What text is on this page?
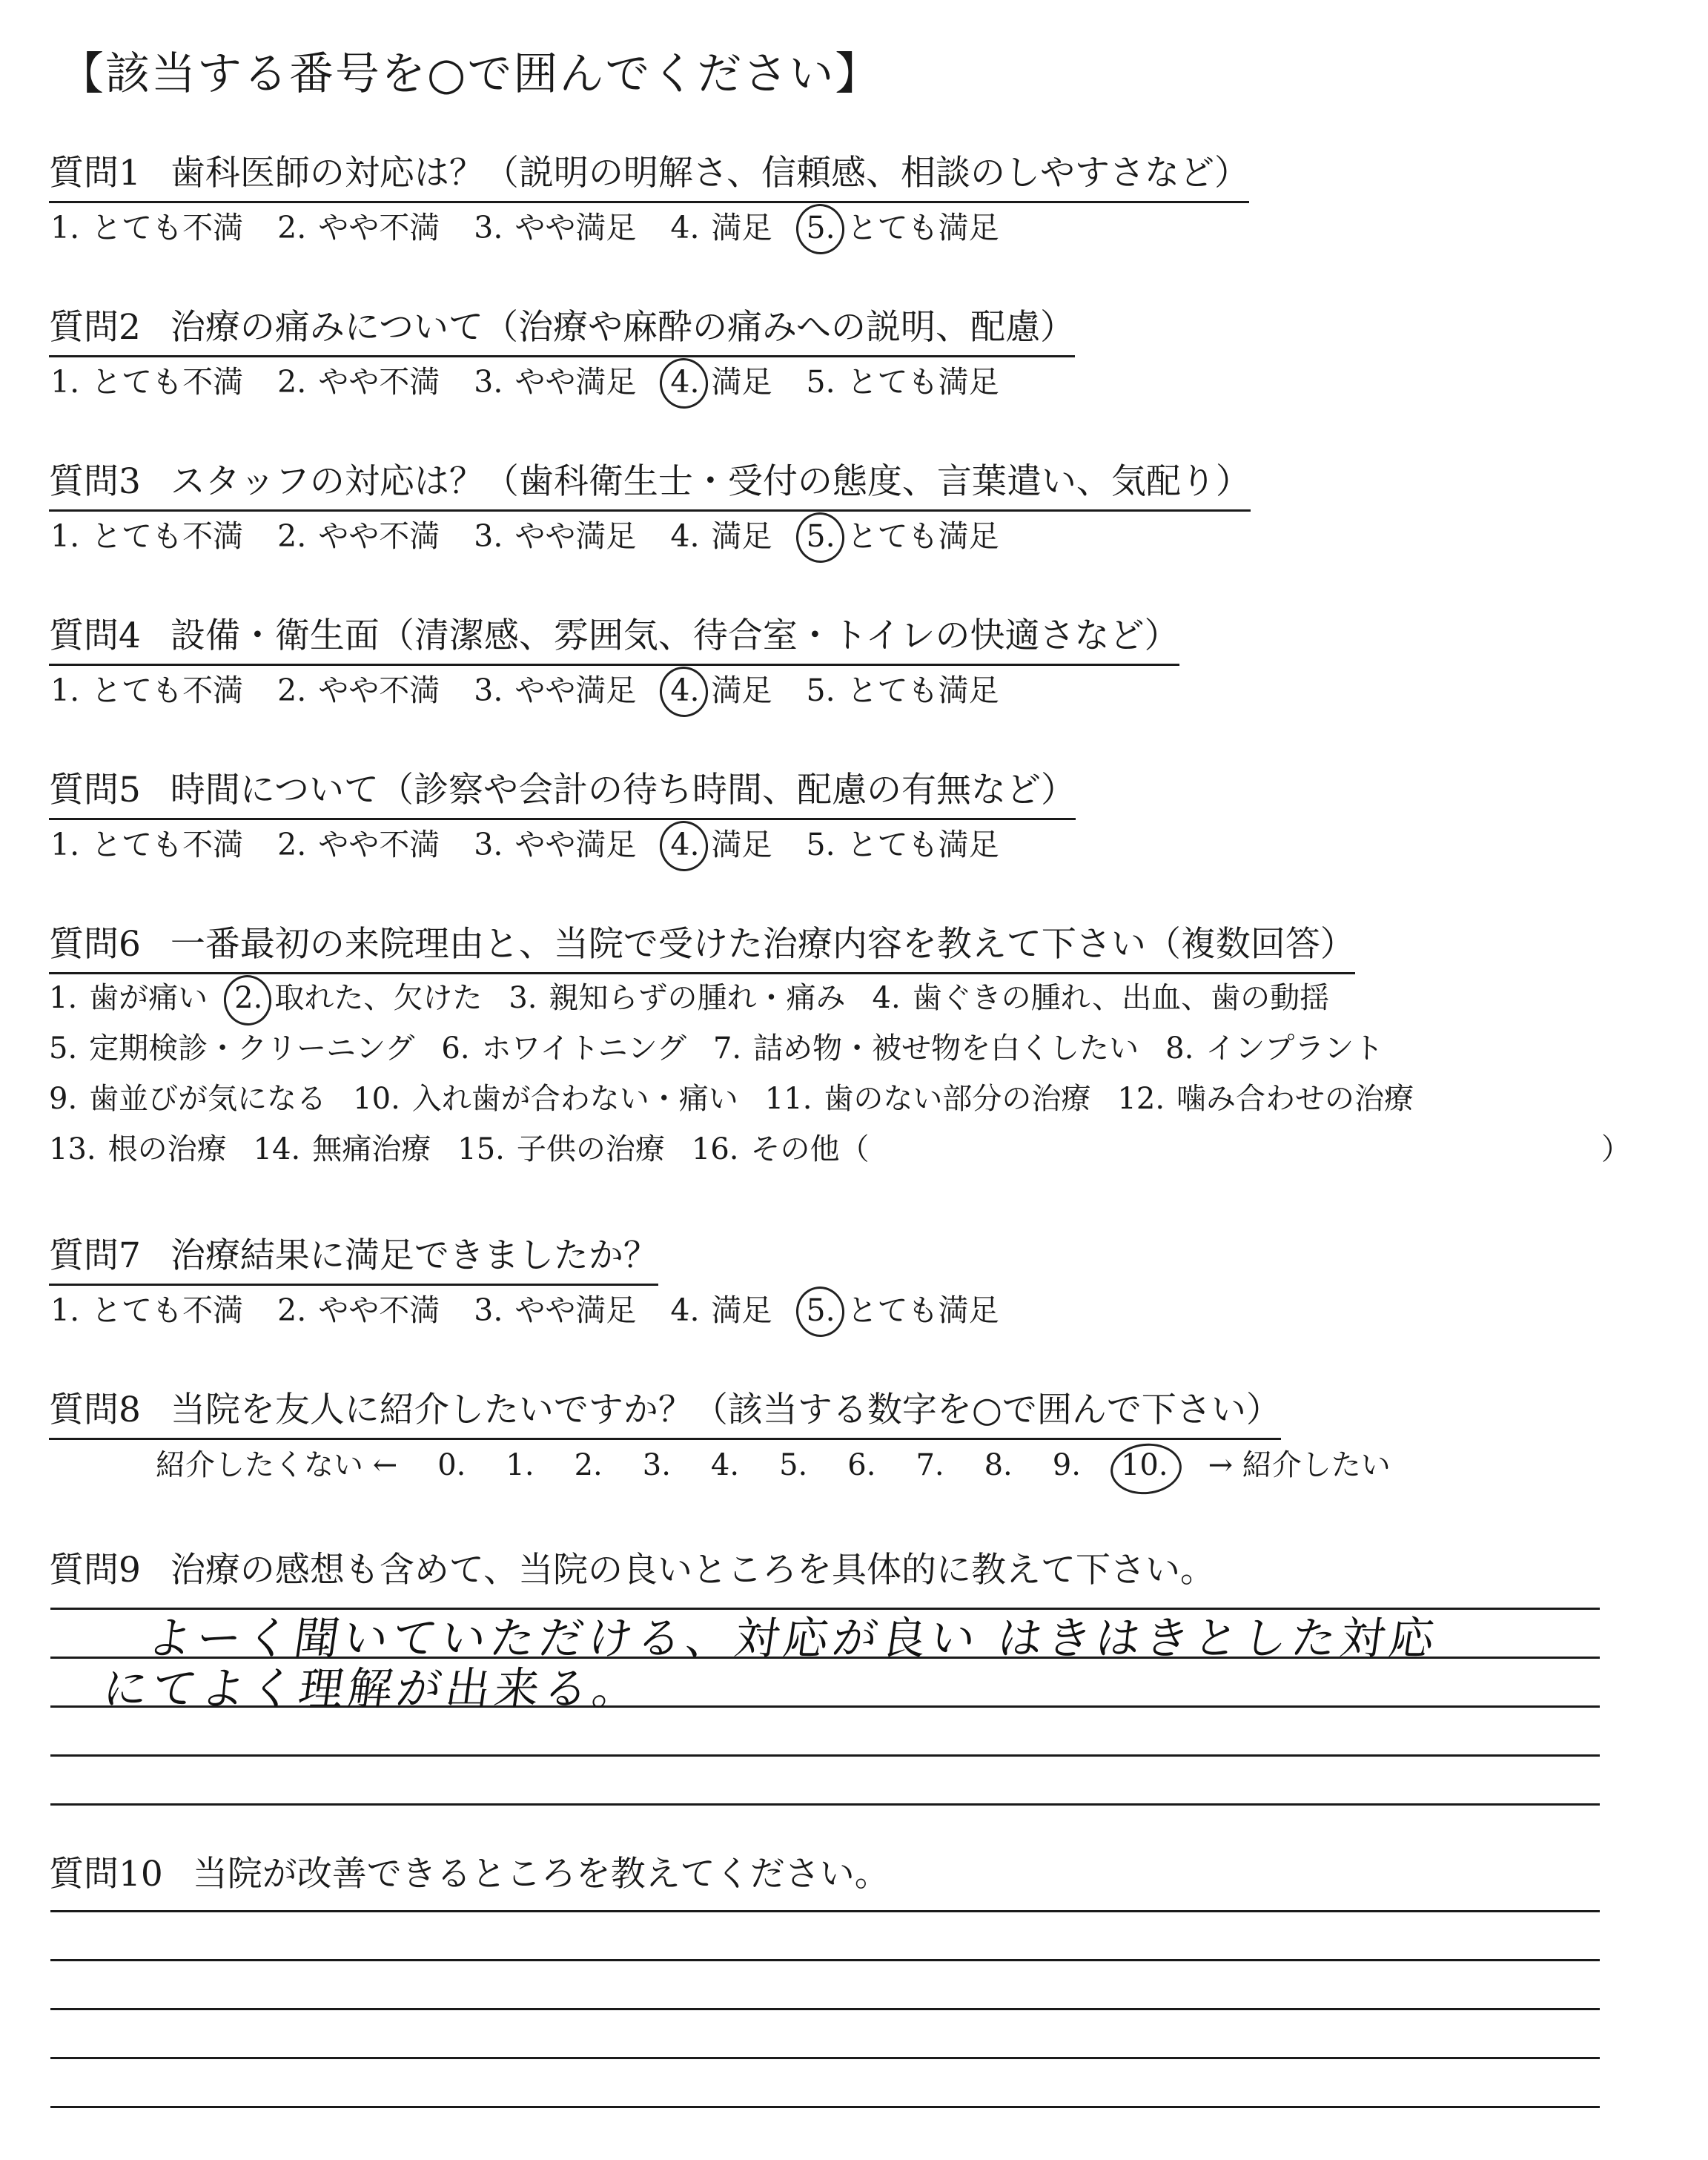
【該当する番号を○で囲んでください】
質問1 歯科医師の対応は？（説明の明解さ、信頼感、相談のしやすさなど）
1. とても不満 2. やや不満 3. やや満足 4. 満足 5. とても満足
質問2 治療の痛みについて（治療や麻酔の痛みへの説明、配慮）
1. とても不満 2. やや不満 3. やや満足 4. 満足 5. とても満足
質問3 スタッフの対応は？（歯科衛生士・受付の態度、言葉遣い、気配り）
1. とても不満 2. やや不満 3. やや満足 4. 満足 5. とても満足
質問4 設備・衛生面（清潔感、雰囲気、待合室・トイレの快適さなど）
1. とても不満 2. やや不満 3. やや満足 4. 満足 5. とても満足
質問5 時間について（診察や会計の待ち時間、配慮の有無など）
1. とても不満 2. やや不満 3. やや満足 4. 満足 5. とても満足
質問6 一番最初の来院理由と、当院で受けた治療内容を教えて下さい（複数回答）
1. 歯が痛い 2. 取れた、欠けた 3. 親知らずの腫れ・痛み 4. 歯ぐきの腫れ、出血、歯の動揺
5. 定期検診・クリーニング 6. ホワイトニング 7. 詰め物・被せ物を白くしたい 8. インプラント
9. 歯並びが気になる 10. 入れ歯が合わない・痛い 11. 歯のない部分の治療 12. 噛み合わせの治療
13. 根の治療 14. 無痛治療 15. 子供の治療 16. その他（	）
質問7 治療結果に満足できましたか？
1. とても不満 2. やや不満 3. やや満足 4. 満足 5. とても満足
質問8 当院を友人に紹介したいですか？（該当する数字を○で囲んで下さい）
紹介したくない ← 0. 1. 2. 3. 4. 5. 6. 7. 8. 9. 10. → 紹介したい
質問9 治療の感想も含めて、当院の良いところを具体的に教えて下さい。
よーく聞いていただける、対応が良い はきはきとした対応
にてよく理解が出来る。
質問10 当院が改善できるところを教えてください。
